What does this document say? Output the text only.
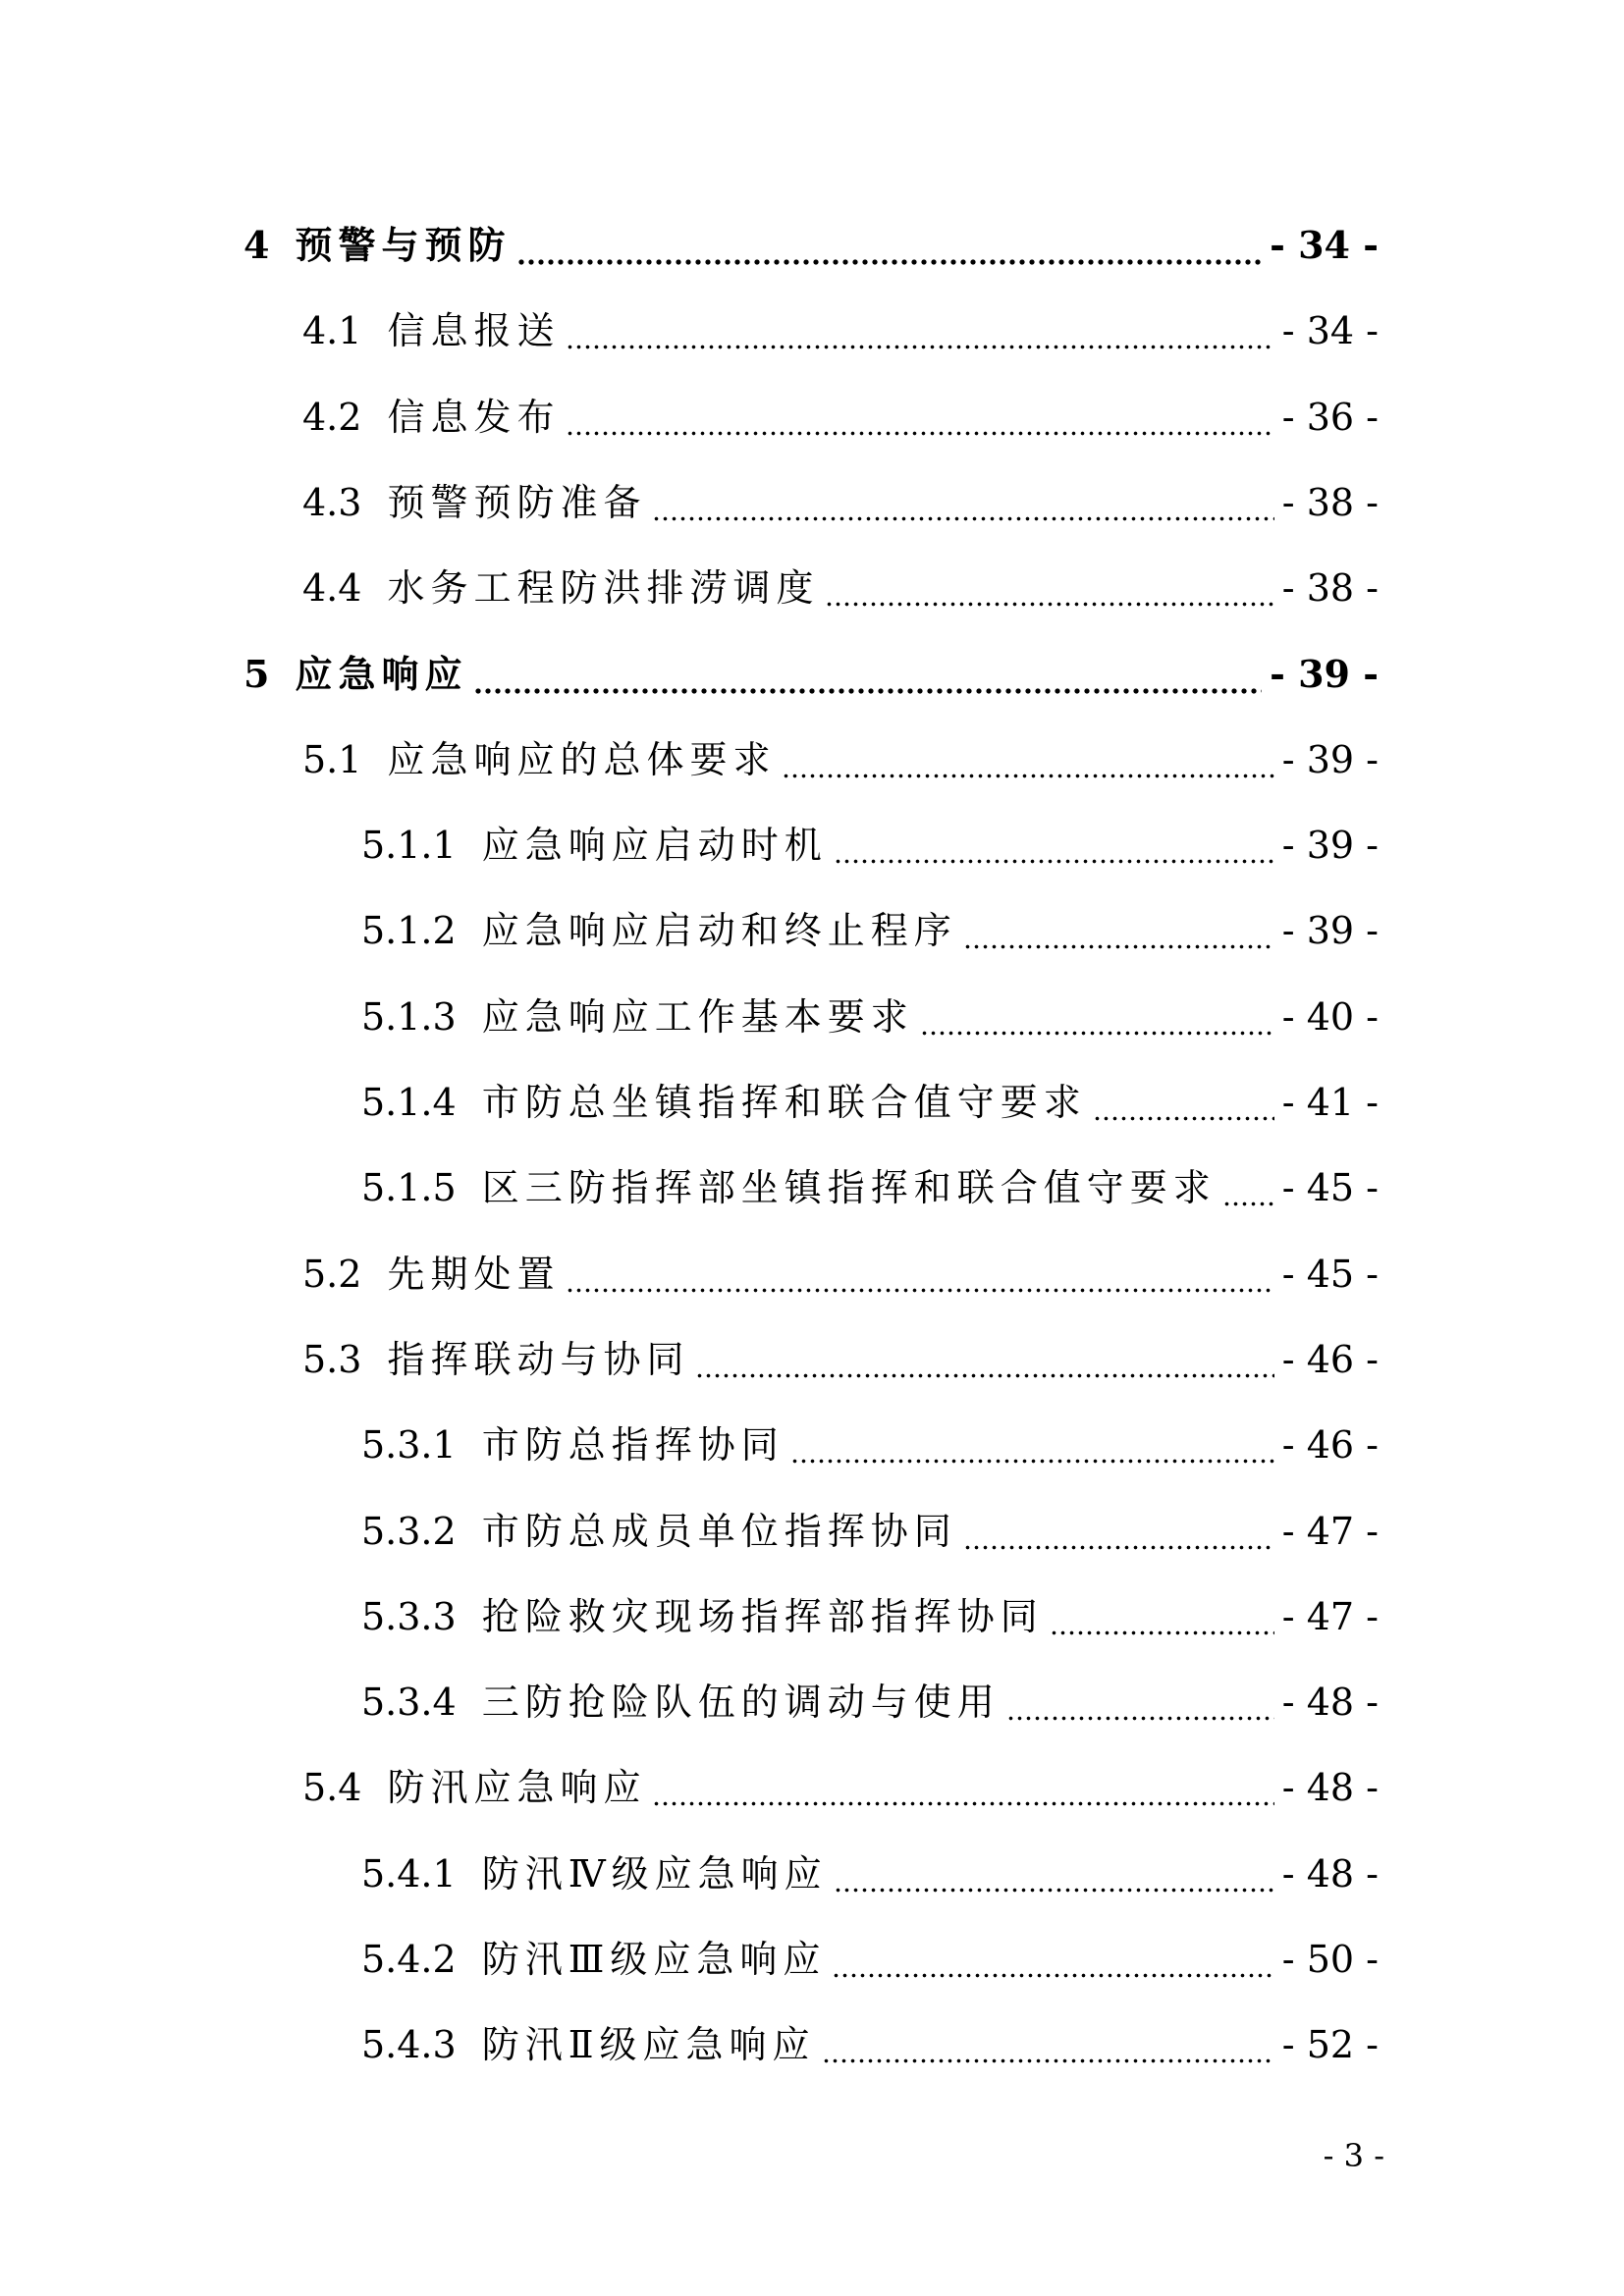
4 预警与预防	- 34 -
4.1 信息报送	- 34 -
4.2 信息发布	- 36 -
4.3 预警预防准备	- 38 -
4.4 水务工程防洪排涝调度	- 38 -
5 应急响应	- 39 -
5.1 应急响应的总体要求	- 39 -
5.1.1 应急响应启动时机	- 39 -
5.1.2 应急响应启动和终止程序	- 39 -
5.1.3 应急响应工作基本要求	- 40 -
5.1.4 市防总坐镇指挥和联合值守要求	- 41 -
5.1.5 区三防指挥部坐镇指挥和联合值守要求 - 45 -
5.2 先期处置	- 45 -
5.3 指挥联动与协同	- 46 -
5.3.1 市防总指挥协同	- 46 -
5.3.2 市防总成员单位指挥协同	- 47 -
5.3.3 抢险救灾现场指挥部指挥协同	- 47 -
5.3.4 三防抢险队伍的调动与使用	- 48 -
5.4 防汛应急响应	- 48 -
5.4.1 防汛Ⅳ级应急响应	- 48 -
5.4.2 防汛Ⅲ级应急响应	- 50 -
5.4.3 防汛Ⅱ级应急响应	- 52 -
- 3 -
